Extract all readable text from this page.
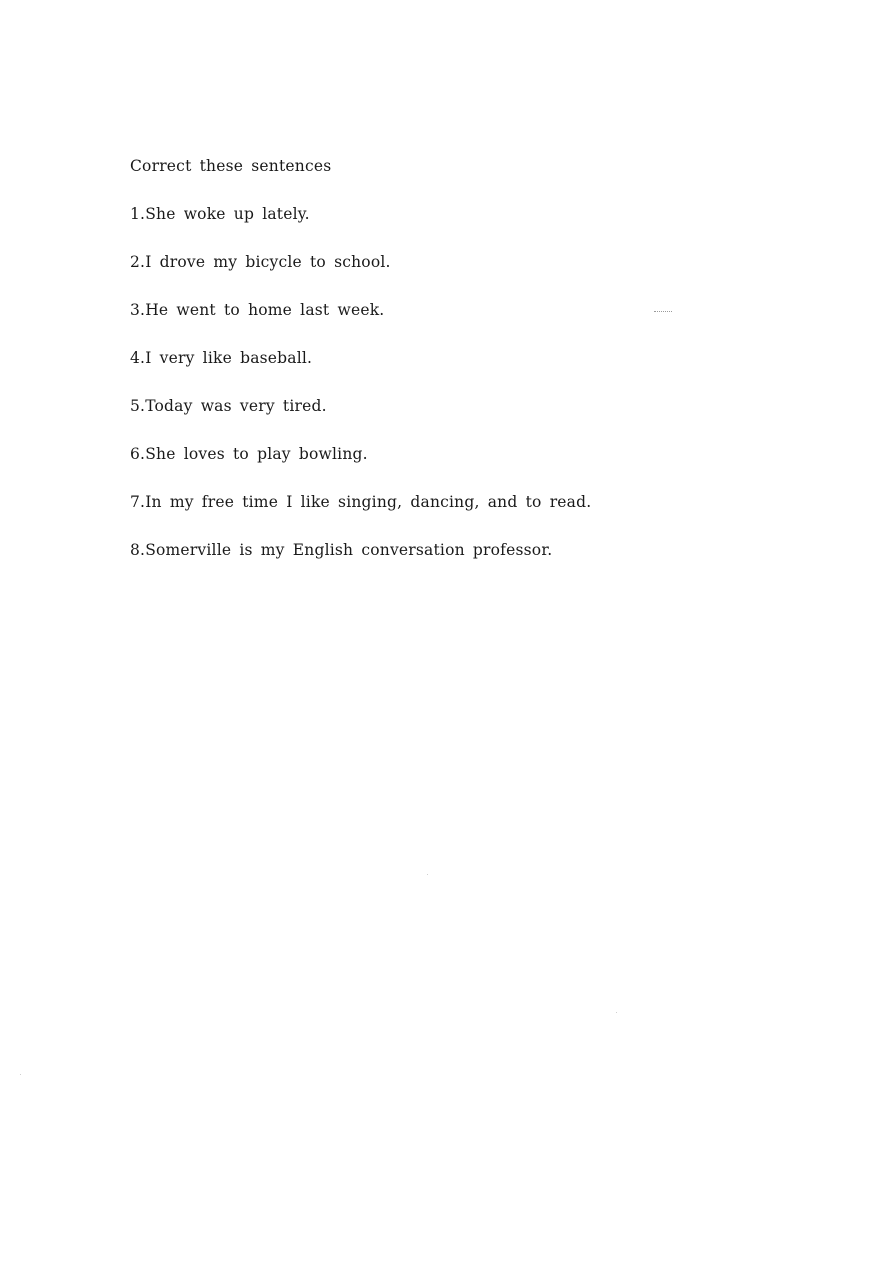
Correct these sentences
1.She woke up lately.
2.I drove my bicycle to school.
3.He went to home last week.
4.I very like baseball.
5.Today was very tired.
6.She loves to play bowling.
7.In my free time I like singing, dancing, and to read.
8.Somerville is my English conversation professor.
